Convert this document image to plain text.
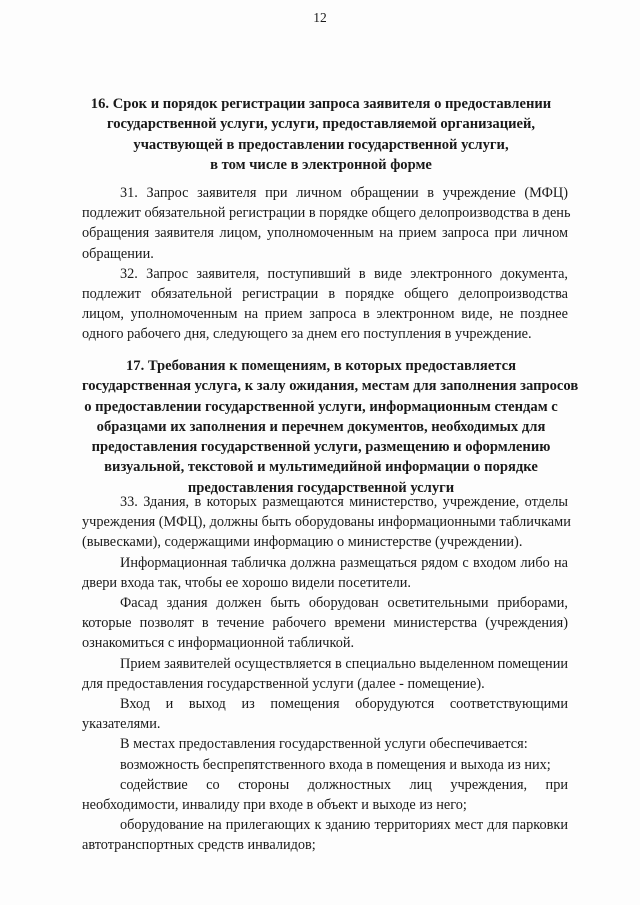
12
16. Срок и порядок регистрации запроса заявителя о предоставлении
государственной услуги, услуги, предоставляемой организацией,
участвующей в предоставлении государственной услуги,
в том числе в электронной форме

31. Запрос заявителя при личном обращении в учреждение (МФЦ)
подлежит обязательной регистрации в порядке общего делопроизводства в день
обращения заявителя лицом, уполномоченным на прием запроса при личном
обращении.

32. Запрос заявителя, поступивший в виде электронного документа,
подлежит обязательной регистрации в порядке общего делопроизводства
лицом, уполномоченным на прием запроса в электронном виде, не позднее
одного рабочего дня, следующего за днем его поступления в учреждение.

17. Требования к помещениям, в которых предоставляется
государственная услуга, к залу ожидания, местам для заполнения запросов
о предоставлении государственной услуги, информационным стендам с
образцами их заполнения и перечнем документов, необходимых для
предоставления государственной услуги, размещению и оформлению
визуальной, текстовой и мультимедийной информации о порядке
предоставления государственной услуги

33. Здания, в которых размещаются министерство, учреждение, отделы
учреждения (МФЦ), должны быть оборудованы информационными табличками
(вывесками), содержащими информацию о министерстве (учреждении).

Информационная табличка должна размещаться рядом с входом либо на
двери входа так, чтобы ее хорошо видели посетители.

Фасад здания должен быть оборудован осветительными приборами,
которые позволят в течение рабочего времени министерства (учреждения)
ознакомиться с информационной табличкой.

Прием заявителей осуществляется в специально выделенном помещении
для предоставления государственной услуги (далее - помещение).

Вход и выход из помещения оборудуются соответствующими
указателями.

В местах предоставления государственной услуги обеспечивается:

возможность беспрепятственного входа в помещения и выхода из них;

содействие со стороны должностных лиц учреждения, при
необходимости, инвалиду при входе в объект и выходе из него;

оборудование на прилегающих к зданию территориях мест для парковки
автотранспортных средств инвалидов;
